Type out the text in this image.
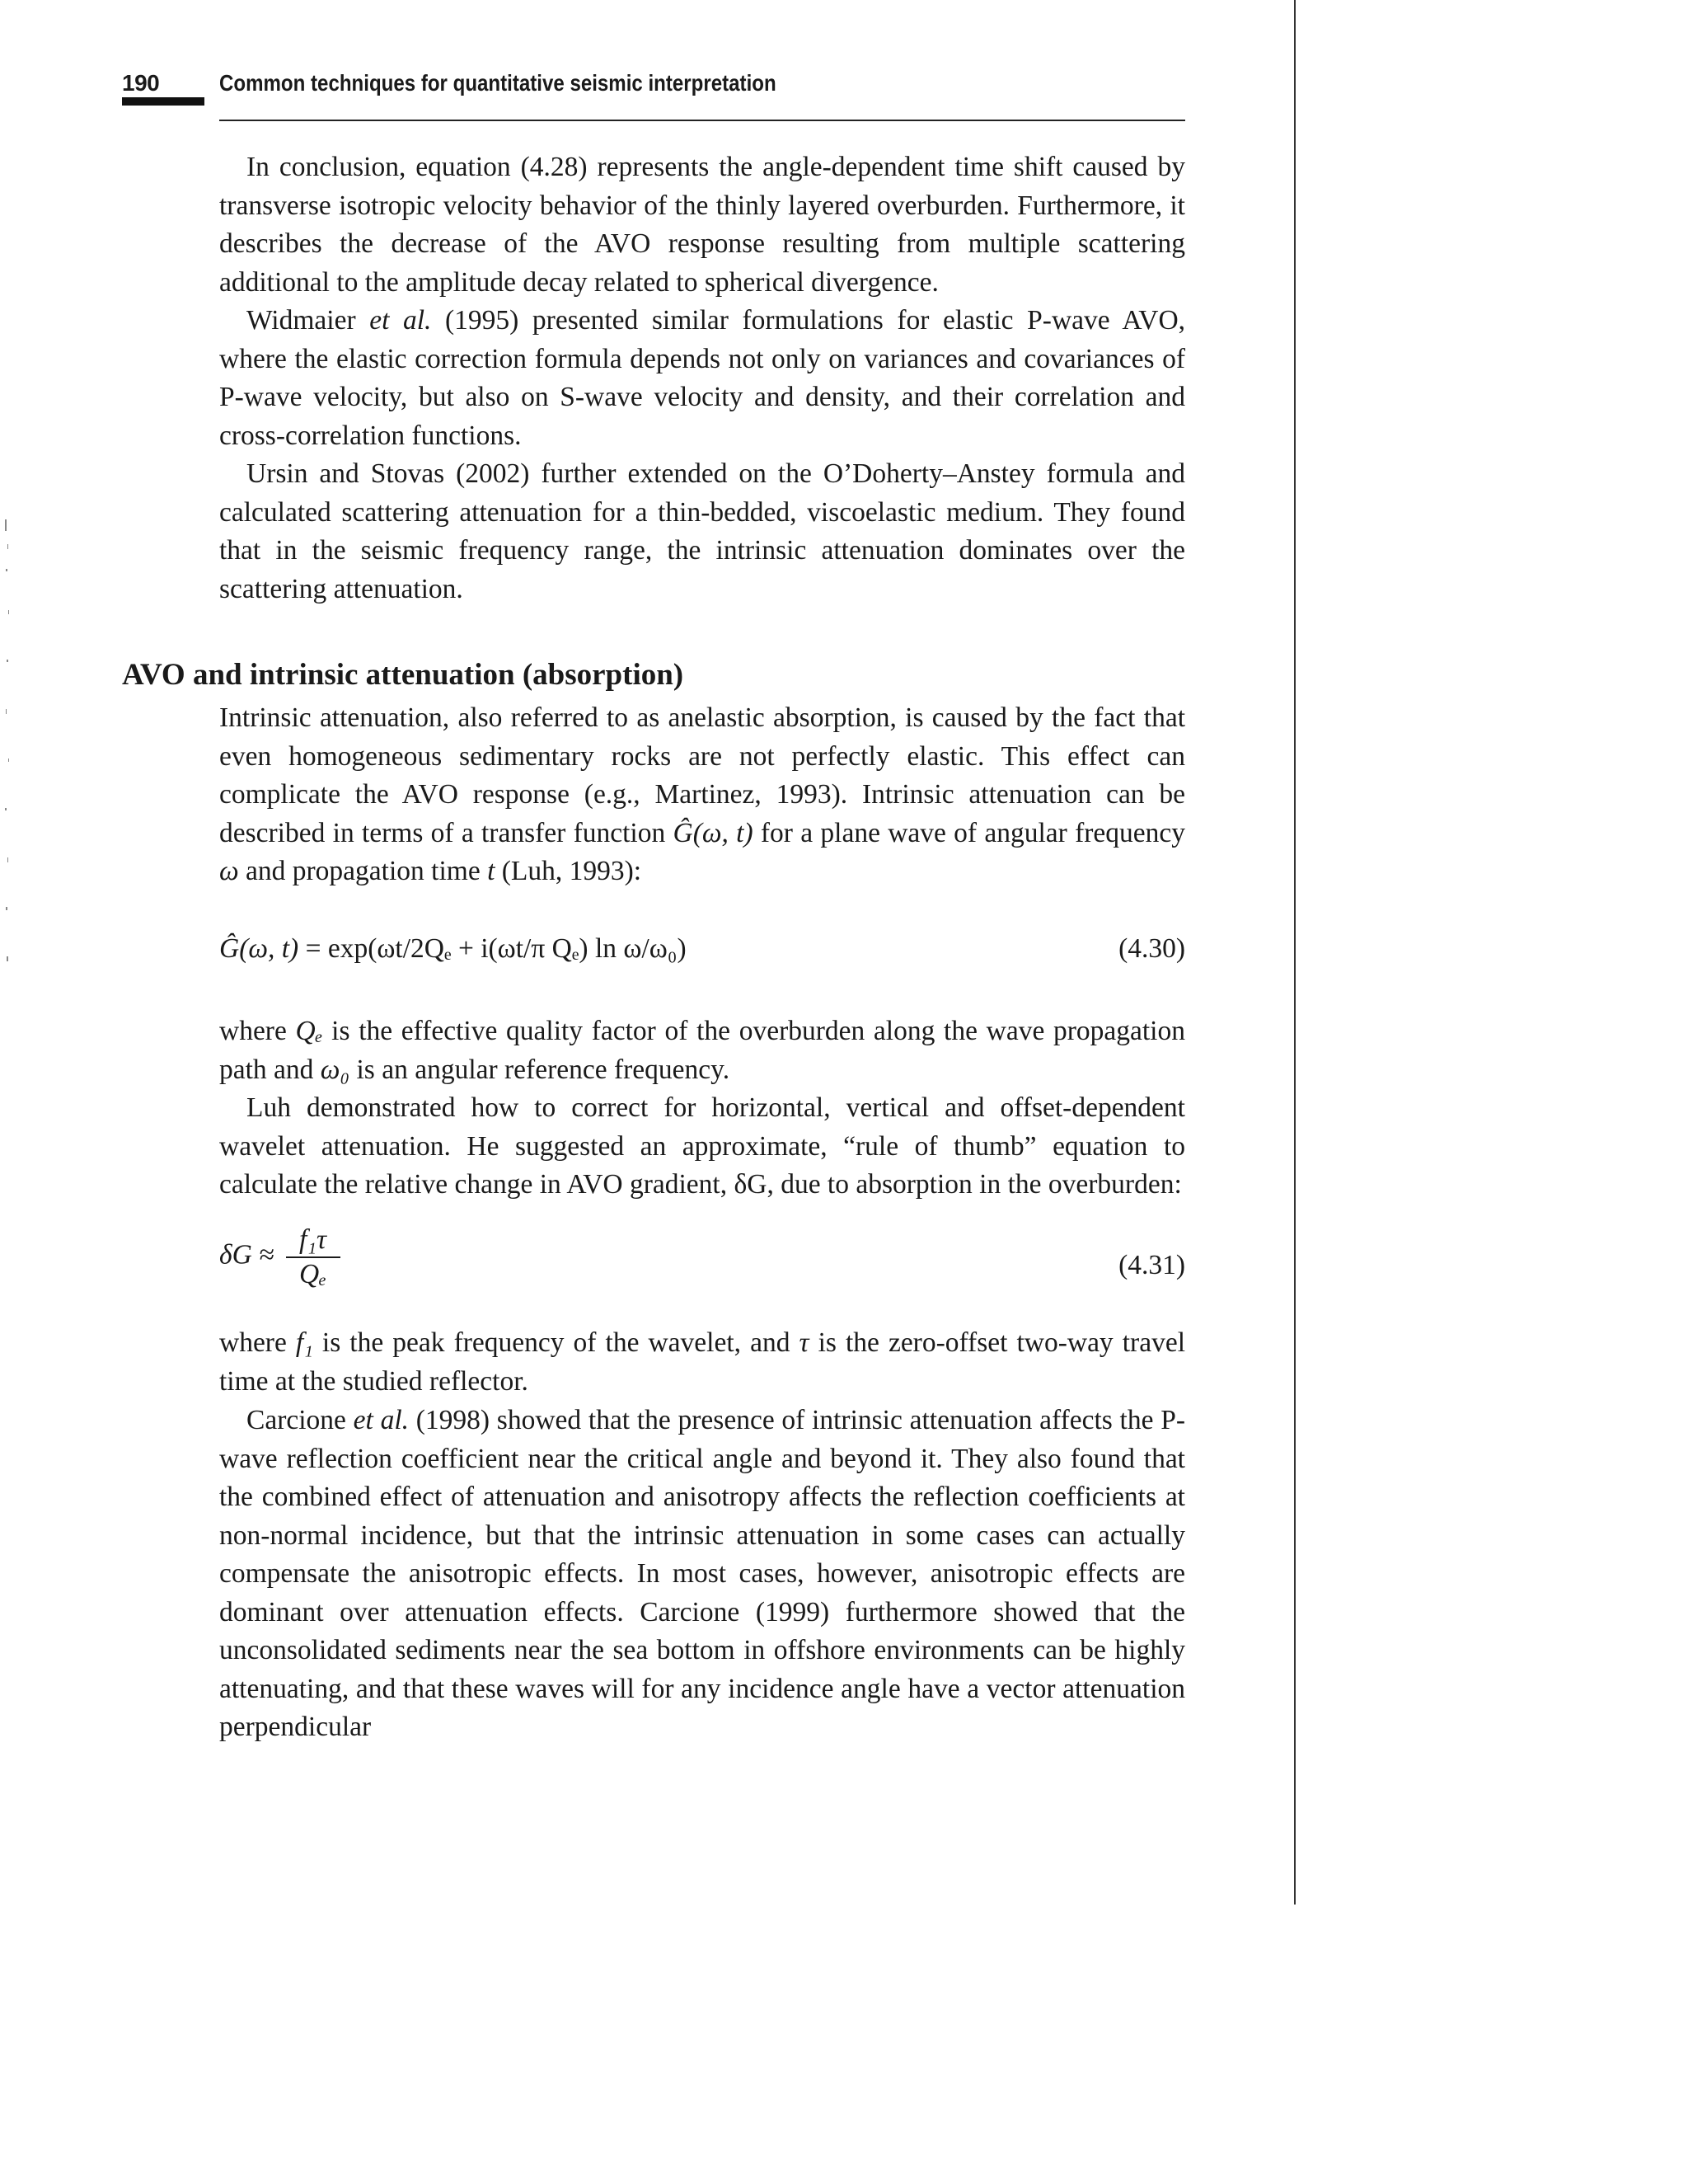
190	Common techniques for quantitative seismic interpretation
In conclusion, equation (4.28) represents the angle-dependent time shift caused by transverse isotropic velocity behavior of the thinly layered overburden. Furthermore, it describes the decrease of the AVO response resulting from multiple scattering additional to the amplitude decay related to spherical divergence.
Widmaier et al. (1995) presented similar formulations for elastic P-wave AVO, where the elastic correction formula depends not only on variances and covariances of P-wave velocity, but also on S-wave velocity and density, and their correlation and cross-correlation functions.
Ursin and Stovas (2002) further extended on the O’Doherty–Anstey formula and calculated scattering attenuation for a thin-bedded, viscoelastic medium. They found that in the seismic frequency range, the intrinsic attenuation dominates over the scattering attenuation.
AVO and intrinsic attenuation (absorption)
Intrinsic attenuation, also referred to as anelastic absorption, is caused by the fact that even homogeneous sedimentary rocks are not perfectly elastic. This effect can complicate the AVO response (e.g., Martinez, 1993). Intrinsic attenuation can be described in terms of a transfer function Ĝ(ω, t) for a plane wave of angular frequency ω and propagation time t (Luh, 1993):
Ĝ(ω, t) = exp(ωt/2Qₑ + i(ωt/π Qₑ) ln ω/ω₀)	(4.30)
where Qₑ is the effective quality factor of the overburden along the wave propagation path and ω₀ is an angular reference frequency.
Luh demonstrated how to correct for horizontal, vertical and offset-dependent wavelet attenuation. He suggested an approximate, “rule of thumb” equation to calculate the relative change in AVO gradient, δG, due to absorption in the overburden:
$\delta G \approx \frac{\text{f₁τ}}{\text{Qₑ}}$	(4.31)
where f₁ is the peak frequency of the wavelet, and τ is the zero-offset two-way travel time at the studied reflector.
Carcione et al. (1998) showed that the presence of intrinsic attenuation affects the P-wave reflection coefficient near the critical angle and beyond it. They also found that the combined effect of attenuation and anisotropy affects the reflection coefficients at non-normal incidence, but that the intrinsic attenuation in some cases can actually compensate the anisotropic effects. In most cases, however, anisotropic effects are dominant over attenuation effects. Carcione (1999) furthermore showed that the unconsolidated sediments near the sea bottom in offshore environments can be highly attenuating, and that these waves will for any incidence angle have a vector attenuation perpendicular
